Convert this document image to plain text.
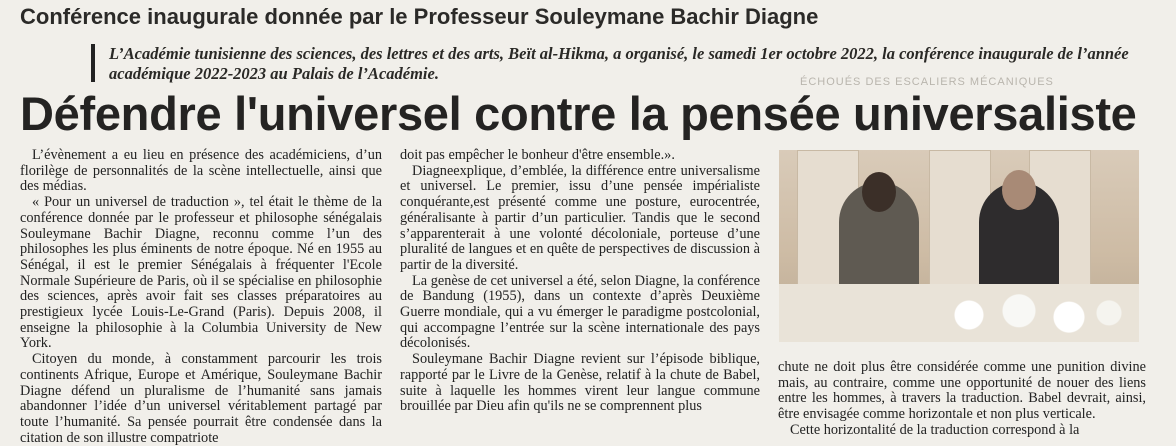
Conférence inaugurale donnée par le Professeur Souleymane Bachir Diagne
L’Académie tunisienne des sciences, des lettres et des arts, Beït al-Hikma, a organisé, le samedi 1er octobre 2022, la conférence inaugurale de l’année académique 2022-2023 au Palais de l’Académie.	ÉCHOUÉS DES ESCALIERS MÉCANIQUES
Défendre l'universel contre la pensée universaliste

L’évènement a eu lieu en présence des académiciens, d’un florilège de personnalités de la scène intellectuelle, ainsi que des médias.

« Pour un universel de traduction », tel était le thème de la conférence donnée par le professeur et philosophe sénégalais Souleymane Bachir Diagne, reconnu comme l’un des philosophes les plus éminents de notre époque. Né en 1955 au Sénégal, il est le premier Sénégalais à fréquenter l'Ecole Normale Supérieure de Paris, où il se spécialise en philosophie des sciences, après avoir fait ses classes préparatoires au prestigieux lycée Louis-Le-Grand (Paris). Depuis 2008, il enseigne la philosophie à la Columbia University de New York.

Citoyen du monde, à constamment parcourir les trois continents Afrique, Europe et Amérique, Souleymane Bachir Diagne défend un pluralisme de l’humanité sans jamais abandonner l’idée d’un universel véritablement partagé par toute l’humanité. Sa pensée pourrait être condensée dans la citation de son illustre compatriote

doit pas empêcher le bonheur d'être ensemble.».

Diagneexplique, d’emblée, la différence entre universalisme et universel. Le premier, issu d’une pensée impérialiste conquérante,est présenté comme une posture, eurocentrée, généralisante à partir d’un particulier. Tandis que le second s’apparenterait à une volonté décoloniale, porteuse d’une pluralité de langues et en quête de perspectives de discussion à partir de la diversité.

La genèse de cet universel a été, selon Diagne, la conférence de Bandung (1955), dans un contexte d’après Deuxième Guerre mondiale, qui a vu émerger le paradigme postcolonial, qui accompagne l’entrée sur la scène internationale des pays décolonisés.

Souleymane Bachir Diagne revient sur l’épisode biblique, rapporté par le Livre de la Genèse, relatif à la chute de Babel, suite à laquelle les hommes virent leur langue commune brouillée par Dieu afin qu'ils ne se comprennent plus

chute ne doit plus être considérée comme une punition divine mais, au contraire, comme une opportunité de nouer des liens entre les hommes, à travers la traduction. Babel devrait, ainsi, être envisagée comme horizontale et non plus verticale.

Cette horizontalité de la traduction correspond à la
